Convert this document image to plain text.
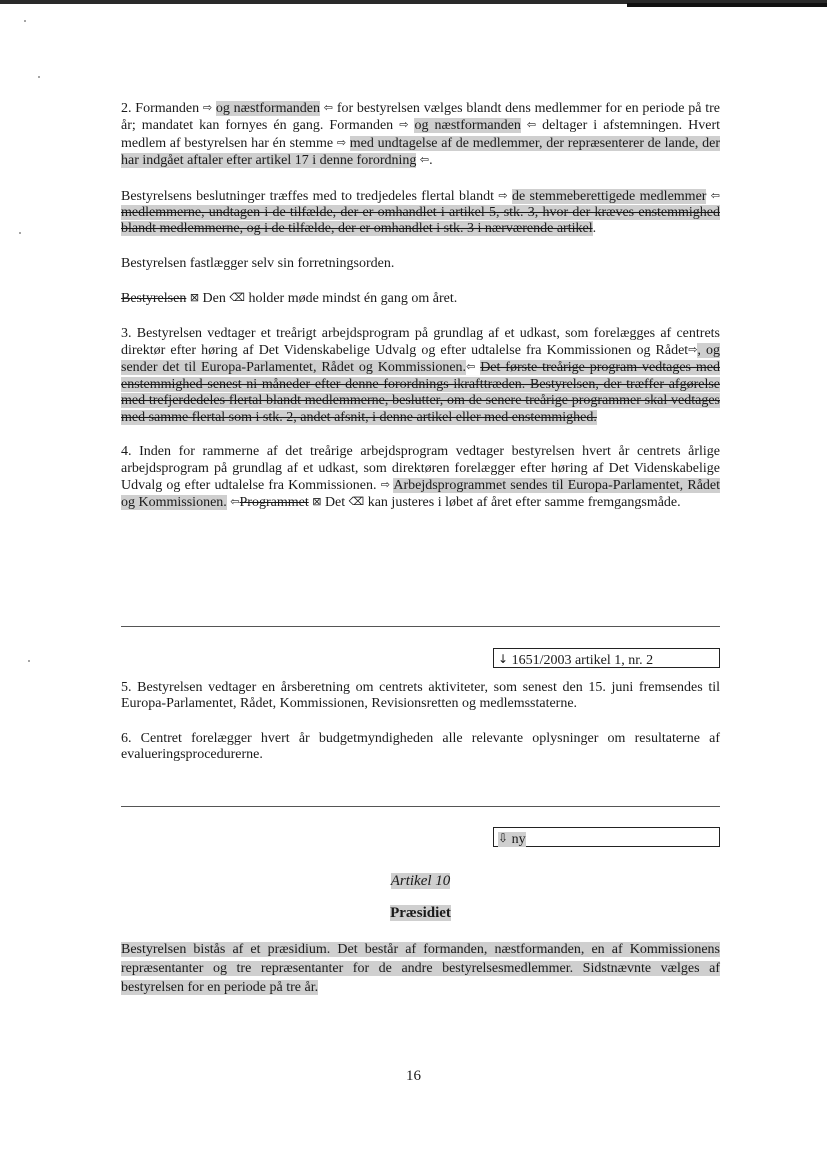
2. Formanden ⇨ og næstformanden ⇦ for bestyrelsen vælges blandt dens medlemmer for en periode på tre år; mandatet kan fornyes én gang. Formanden ⇨ og næstformanden ⇦ deltager i afstemningen. Hvert medlem af bestyrelsen har én stemme ⇨ med undtagelse af de medlemmer, der repræsenterer de lande, der har indgået aftaler efter artikel 17 i denne forordning ⇦.

Bestyrelsens beslutninger træffes med to tredjedeles flertal blandt ⇨ de stemmeberettigede medlemmer ⇦ medlemmerne, undtagen i de tilfælde, der er omhandlet i artikel 5, stk. 3, hvor der kræves enstemmighed blandt medlemmerne, og i de tilfælde, der er omhandlet i stk. 3 i nærværende artikel.

Bestyrelsen fastlægger selv sin forretningsorden.

Bestyrelsen ⊠ Den ⌫ holder møde mindst én gang om året.

3. Bestyrelsen vedtager et treårigt arbejdsprogram på grundlag af et udkast, som forelægges af centrets direktør efter høring af Det Videnskabelige Udvalg og efter udtalelse fra Kommissionen og Rådet⇨, og sender det til Europa-Parlamentet, Rådet og Kommissionen.⇦ Det første treårige program vedtages med enstemmighed senest ni måneder efter denne forordnings ikrafttræden. Bestyrelsen, der træffer afgørelse med trefjerdedeles flertal blandt medlemmerne, beslutter, om de senere treårige programmer skal vedtages med samme flertal som i stk. 2, andet afsnit, i denne artikel eller med enstemmighed.

4. Inden for rammerne af det treårige arbejdsprogram vedtager bestyrelsen hvert år centrets årlige arbejdsprogram på grundlag af et udkast, som direktøren forelægger efter høring af Det Videnskabelige Udvalg og efter udtalelse fra Kommissionen. ⇨ Arbejdsprogrammet sendes til Europa-Parlamentet, Rådet og Kommissionen. ⇦Programmet ⊠ Det ⌫ kan justeres i løbet af året efter samme fremgangsmåde.

↓ 1651/2003 artikel 1, nr. 2

5. Bestyrelsen vedtager en årsberetning om centrets aktiviteter, som senest den 15. juni fremsendes til Europa-Parlamentet, Rådet, Kommissionen, Revisionsretten og medlemsstaterne.

6. Centret forelægger hvert år budgetmyndigheden alle relevante oplysninger om resultaterne af evalueringsprocedurerne.

⇩ ny
Artikel 10
Præsidiet

Bestyrelsen bistås af et præsidium. Det består af formanden, næstformanden, en af Kommissionens repræsentanter og tre repræsentanter for de andre bestyrelsesmedlemmer. Sidstnævnte vælges af bestyrelsen for en periode på tre år.

16
